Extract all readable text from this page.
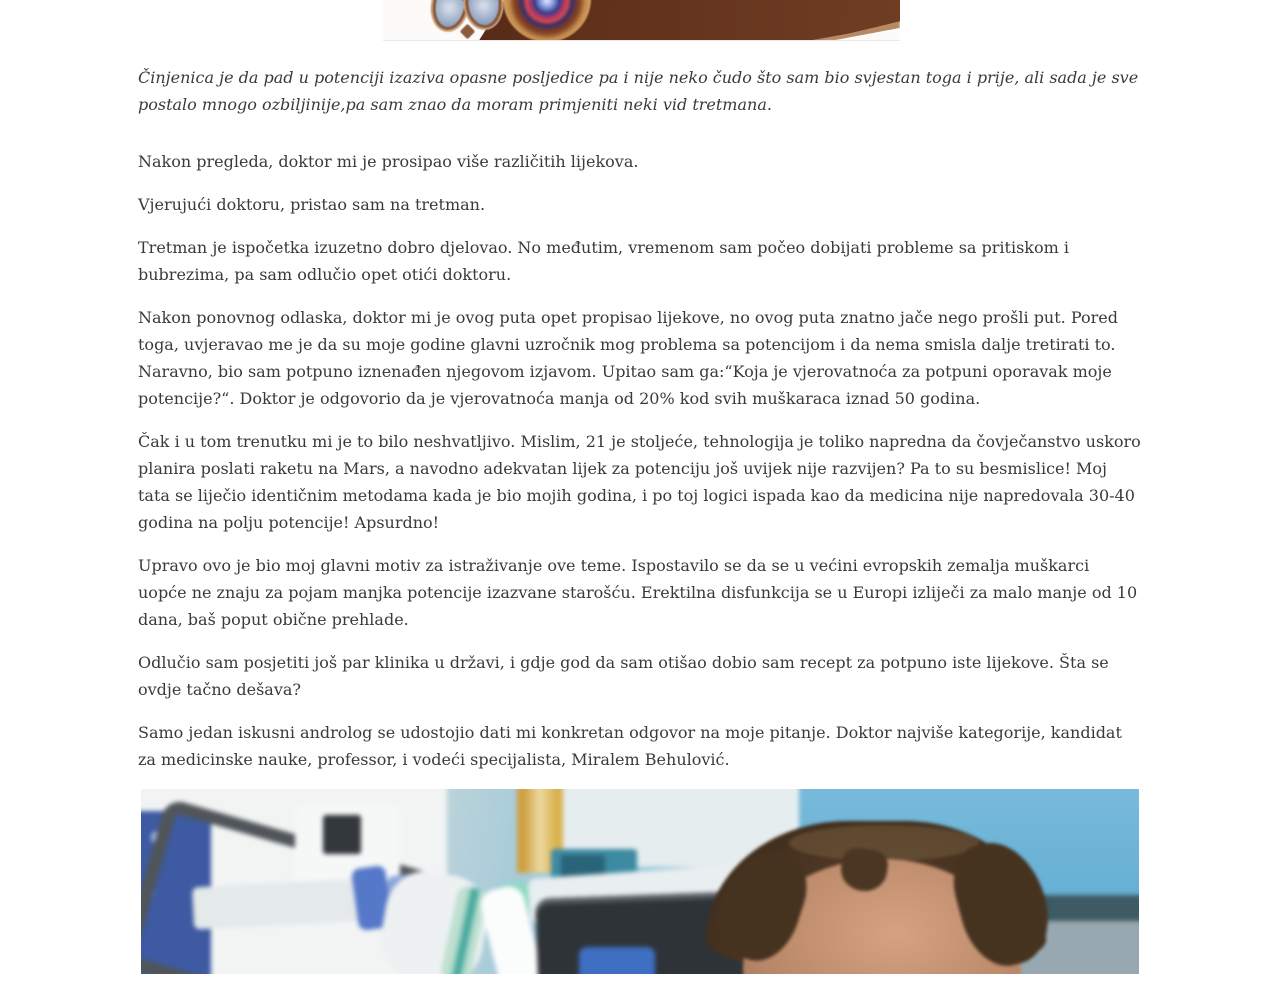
Činjenica je da pad u potenciji izaziva opasne posljedice pa i nije neko čudo što sam bio svjestan toga i prije, ali sada je sve postalo mnogo ozbiljinije,pa sam znao da moram primjeniti neki vid tretmana.

Nakon pregleda, doktor mi je prosipao više različitih lijekova.

Vjerujući doktoru, pristao sam na tretman.

Tretman je ispočetka izuzetno dobro djelovao. No međutim, vremenom sam počeo dobijati probleme sa pritiskom i bubrezima, pa sam odlučio opet otići doktoru.

Nakon ponovnog odlaska, doktor mi je ovog puta opet propisao lijekove, no ovog puta znatno jače nego prošli put. Pored toga, uvjeravao me je da su moje godine glavni uzročnik mog problema sa potencijom i da nema smisla dalje tretirati to. Naravno, bio sam potpuno iznenađen njegovom izjavom. Upitao sam ga:“Koja je vjerovatnoća za potpuni oporavak moje potencije?“. Doktor je odgovorio da je vjerovatnoća manja od 20% kod svih muškaraca iznad 50 godina.

Čak i u tom trenutku mi je to bilo neshvatljivo. Mislim, 21 je stoljeće, tehnologija je toliko napredna da čovječanstvo uskoro planira poslati raketu na Mars, a navodno adekvatan lijek za potenciju još uvijek nije razvijen? Pa to su besmislice! Moj tata se liječio identičnim metodama kada je bio mojih godina, i po toj logici ispada kao da medicina nije napredovala 30-40 godina na polju potencije! Apsurdno!

Upravo ovo je bio moj glavni motiv za istraživanje ove teme. Ispostavilo se da se u većini evropskih zemalja muškarci uopće ne znaju za pojam manjka potencije izazvane starošću. Erektilna disfunkcija se u Europi izliječi za malo manje od 10 dana, baš poput obične prehlade.

Odlučio sam posjetiti još par klinika u državi, i gdje god da sam otišao dobio sam recept za potpuno iste lijekove. Šta se ovdje tačno dešava?

Samo jedan iskusni androlog se udostojio dati mi konkretan odgovor na moje pitanje. Doktor najviše kategorije, kandidat za medicinske nauke, professor, i vodeći specijalista, Miralem Behulović.
